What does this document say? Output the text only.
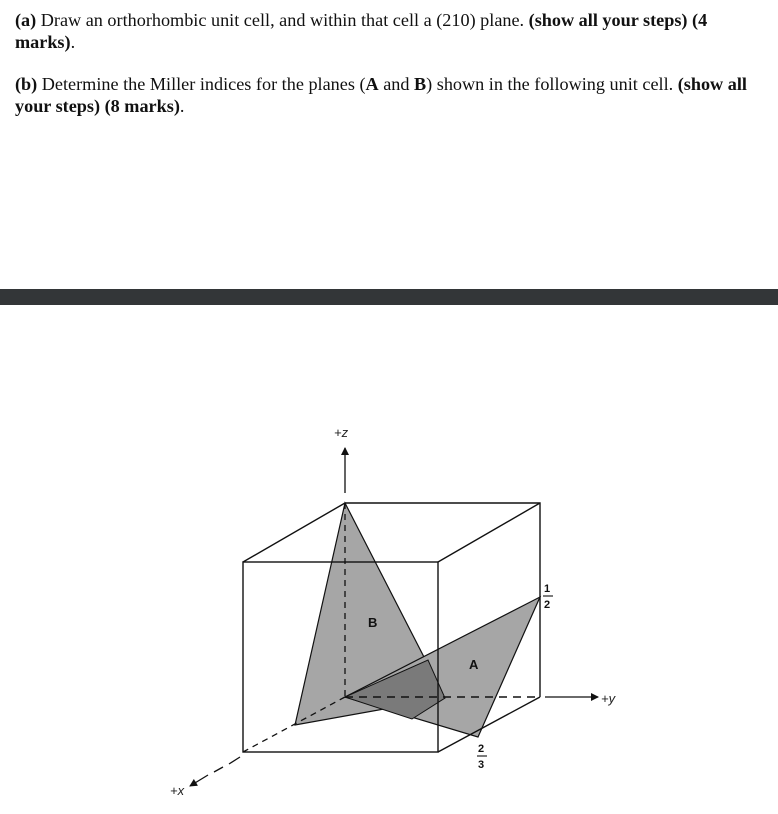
(a) Draw an orthorhombic unit cell, and within that cell a (210) plane. (show all your steps) (4 marks).

(b) Determine the Miller indices for the planes (A and B) shown in the following unit cell. (show all your steps) (8 marks).

+z
+y
+x
B
A
1
2
2
3
